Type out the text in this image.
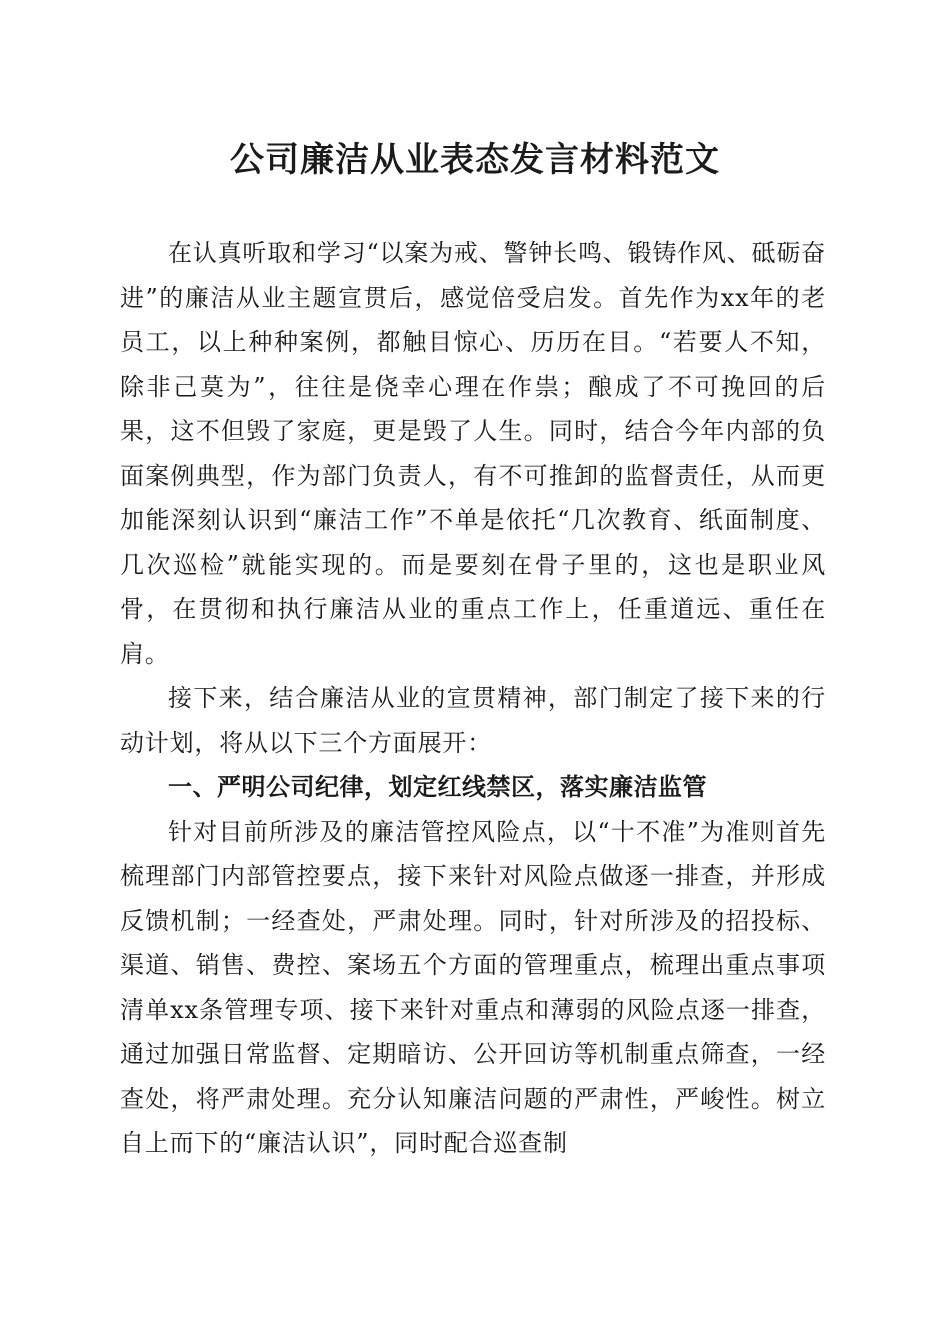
公司廉洁从业表态发言材料范文

在认真听取和学习“以案为戒、警钟长鸣、锻铸作风、砥砺奋进”的廉洁从业主题宣贯后，感觉倍受启发。首先作为xx年的老员工，以上种种案例，都触目惊心、历历在目。“若要人不知，除非己莫为”，往往是侥幸心理在作祟；酿成了不可挽回的后果，这不但毁了家庭，更是毁了人生。同时，结合今年内部的负面案例典型，作为部门负责人，有不可推卸的监督责任，从而更加能深刻认识到“廉洁工作”不单是依托“几次教育、纸面制度、几次巡检”就能实现的。而是要刻在骨子里的，这也是职业风骨，在贯彻和执行廉洁从业的重点工作上，任重道远、重任在肩。

接下来，结合廉洁从业的宣贯精神，部门制定了接下来的行动计划，将从以下三个方面展开：

一、严明公司纪律，划定红线禁区，落实廉洁监管

针对目前所涉及的廉洁管控风险点，以“十不准”为准则首先梳理部门内部管控要点，接下来针对风险点做逐一排查，并形成反馈机制；一经查处，严肃处理。同时，针对所涉及的招投标、渠道、销售、费控、案场五个方面的管理重点，梳理出重点事项清单xx条管理专项、接下来针对重点和薄弱的风险点逐一排查，通过加强日常监督、定期暗访、公开回访等机制重点筛查，一经查处，将严肃处理。充分认知廉洁问题的严肃性，严峻性。树立自上而下的“廉洁认识”，同时配合巡查制
